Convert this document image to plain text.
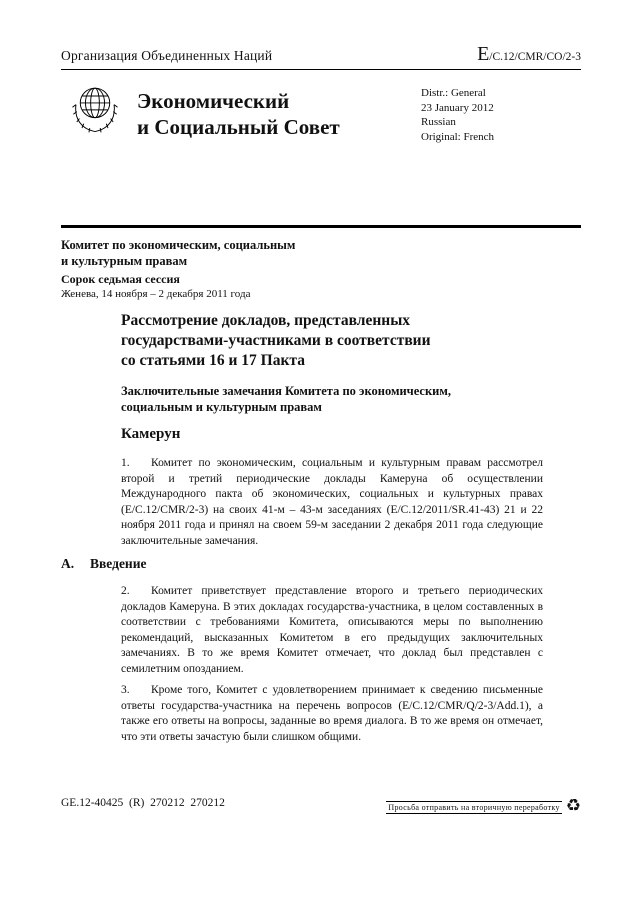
Организация Объединенных Наций	E/C.12/CMR/CO/2-3
Экономический
и Социальный Совет
Distr.: General
23 January 2012
Russian
Original: French
Комитет по экономическим, социальным
и культурным правам
Сорок седьмая сессия
Женева, 14 ноября – 2 декабря 2011 года
Рассмотрение докладов, представленных
государствами-участниками в соответствии
со статьями 16 и 17 Пакта
Заключительные замечания Комитета по экономическим,
социальным и культурным правам
Камерун
1. Комитет по экономическим, социальным и культурным правам рассмотрел второй и третий периодические доклады Камеруна об осуществлении Международного пакта об экономических, социальных и культурных правах (E/C.12/CMR/2-3) на своих 41-м – 43-м заседаниях (E/C.12/2011/SR.41-43) 21 и 22 ноября 2011 года и принял на своем 59-м заседании 2 декабря 2011 года следующие заключительные замечания.
A.	Введение
2. Комитет приветствует представление второго и третьего периодических докладов Камеруна. В этих докладах государства-участника, в целом составленных в соответствии с требованиями Комитета, описываются меры по выполнению рекомендаций, высказанных Комитетом в его предыдущих заключительных замечаниях. В то же время Комитет отмечает, что доклад был представлен с семилетним опозданием.
3. Кроме того, Комитет с удовлетворением принимает к сведению письменные ответы государства-участника на перечень вопросов (E/C.12/CMR/Q/2-3/Add.1), а также его ответы на вопросы, заданные во время диалога. В то же время он отмечает, что эти ответы зачастую были слишком общими.
GE.12-40425  (R)  270212  270212	Просьба отправить на вторичную переработку ♻
